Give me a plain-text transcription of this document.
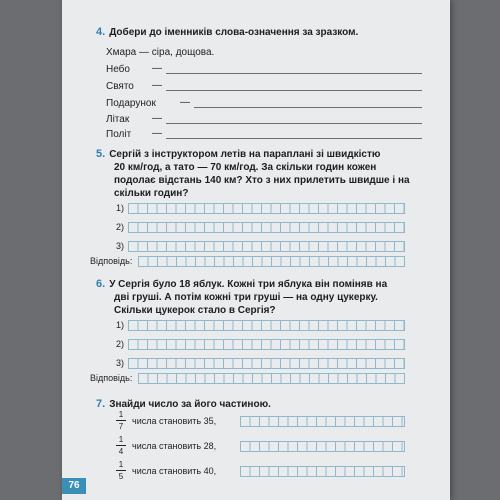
4. Добери до іменників слова-означення за зразком.
Хмара — сіра, дощова.
Небо —
Свято —
Подарунок —
Літак —
Політ —
5. Сергій з інструктором летів на параплані зі швидкістю
20 км/год, а тато — 70 км/год. За скільки годин кожен
подолає відстань 140 км? Хто з них прилетить швидше і на
скільки годин?
1)
2)
3)
Відповідь:
6. У Сергія було 18 яблук. Кожні три яблука він поміняв на
дві груші. А потім кожні три груші — на одну цукерку.
Скільки цукерок стало в Сергія?
1)
2)
3)
Відповідь:
7. Знайди число за його частиною.
1
7
числа становить 35,
1
4
числа становить 28,
1
5
числа становить 40,
76
